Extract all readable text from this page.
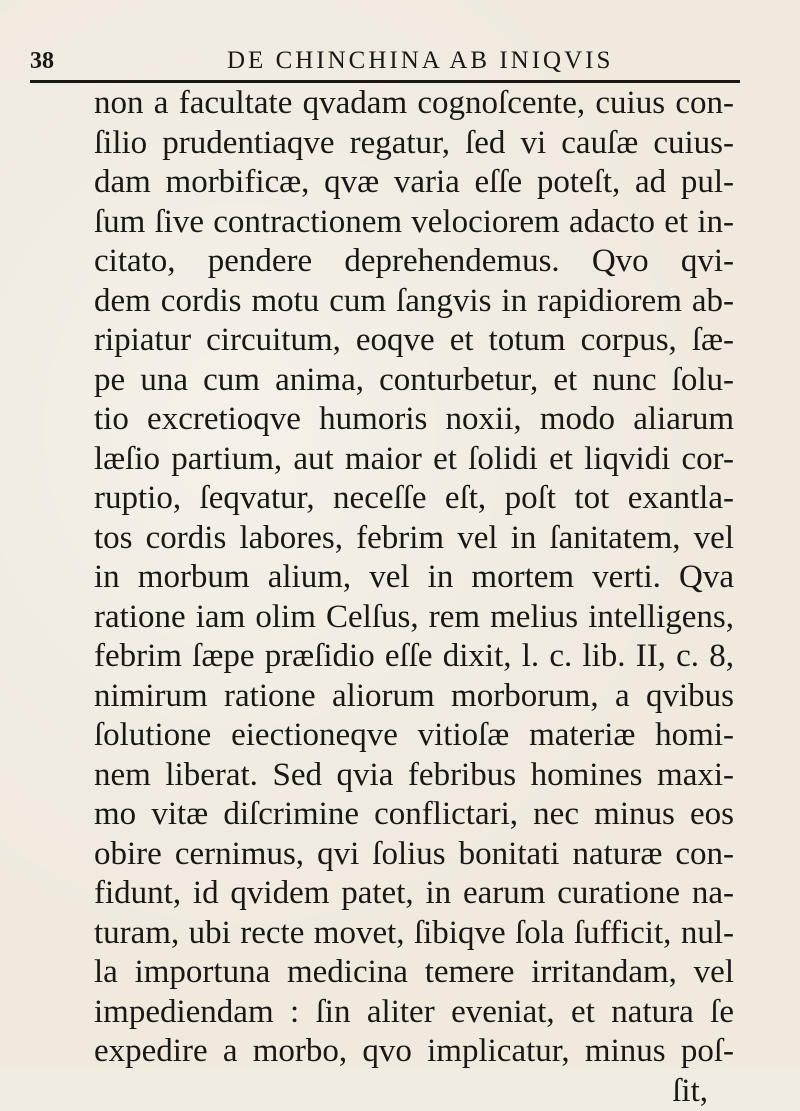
38	DE CHINCHINA AB INIQVIS
non a facultate qvadam cognoſcente, cuius con-
ſilio prudentiaqve regatur, ſed vi cauſæ cuius-
dam morbificæ, qvæ varia eſſe poteſt, ad pul-
ſum ſive contractionem velociorem adacto et in-
citato, pendere deprehendemus. Qvo qvi-
dem cordis motu cum ſangvis in rapidiorem ab-
ripiatur circuitum, eoqve et totum corpus, ſæ-
pe una cum anima, conturbetur, et nunc ſolu-
tio excretioqve humoris noxii, modo aliarum
læſio partium, aut maior et ſolidi et liqvidi cor-
ruptio, ſeqvatur, neceſſe eſt, poſt tot exantla-
tos cordis labores, febrim vel in ſanitatem, vel
in morbum alium, vel in mortem verti. Qva
ratione iam olim Celſus, rem melius intelligens,
febrim ſæpe præſidio eſſe dixit, l. c. lib. II, c. 8,
nimirum ratione aliorum morborum, a qvibus
ſolutione eiectioneqve vitioſæ materiæ homi-
nem liberat. Sed qvia febribus homines maxi-
mo vitæ diſcrimine conflictari, nec minus eos
obire cernimus, qvi ſolius bonitati naturæ con-
fidunt, id qvidem patet, in earum curatione na-
turam, ubi recte movet, ſibiqve ſola ſufficit, nul-
la importuna medicina temere irritandam, vel
impediendam : ſin aliter eveniat, et natura ſe
expedire a morbo, qvo implicatur, minus poſ-
ſit,
